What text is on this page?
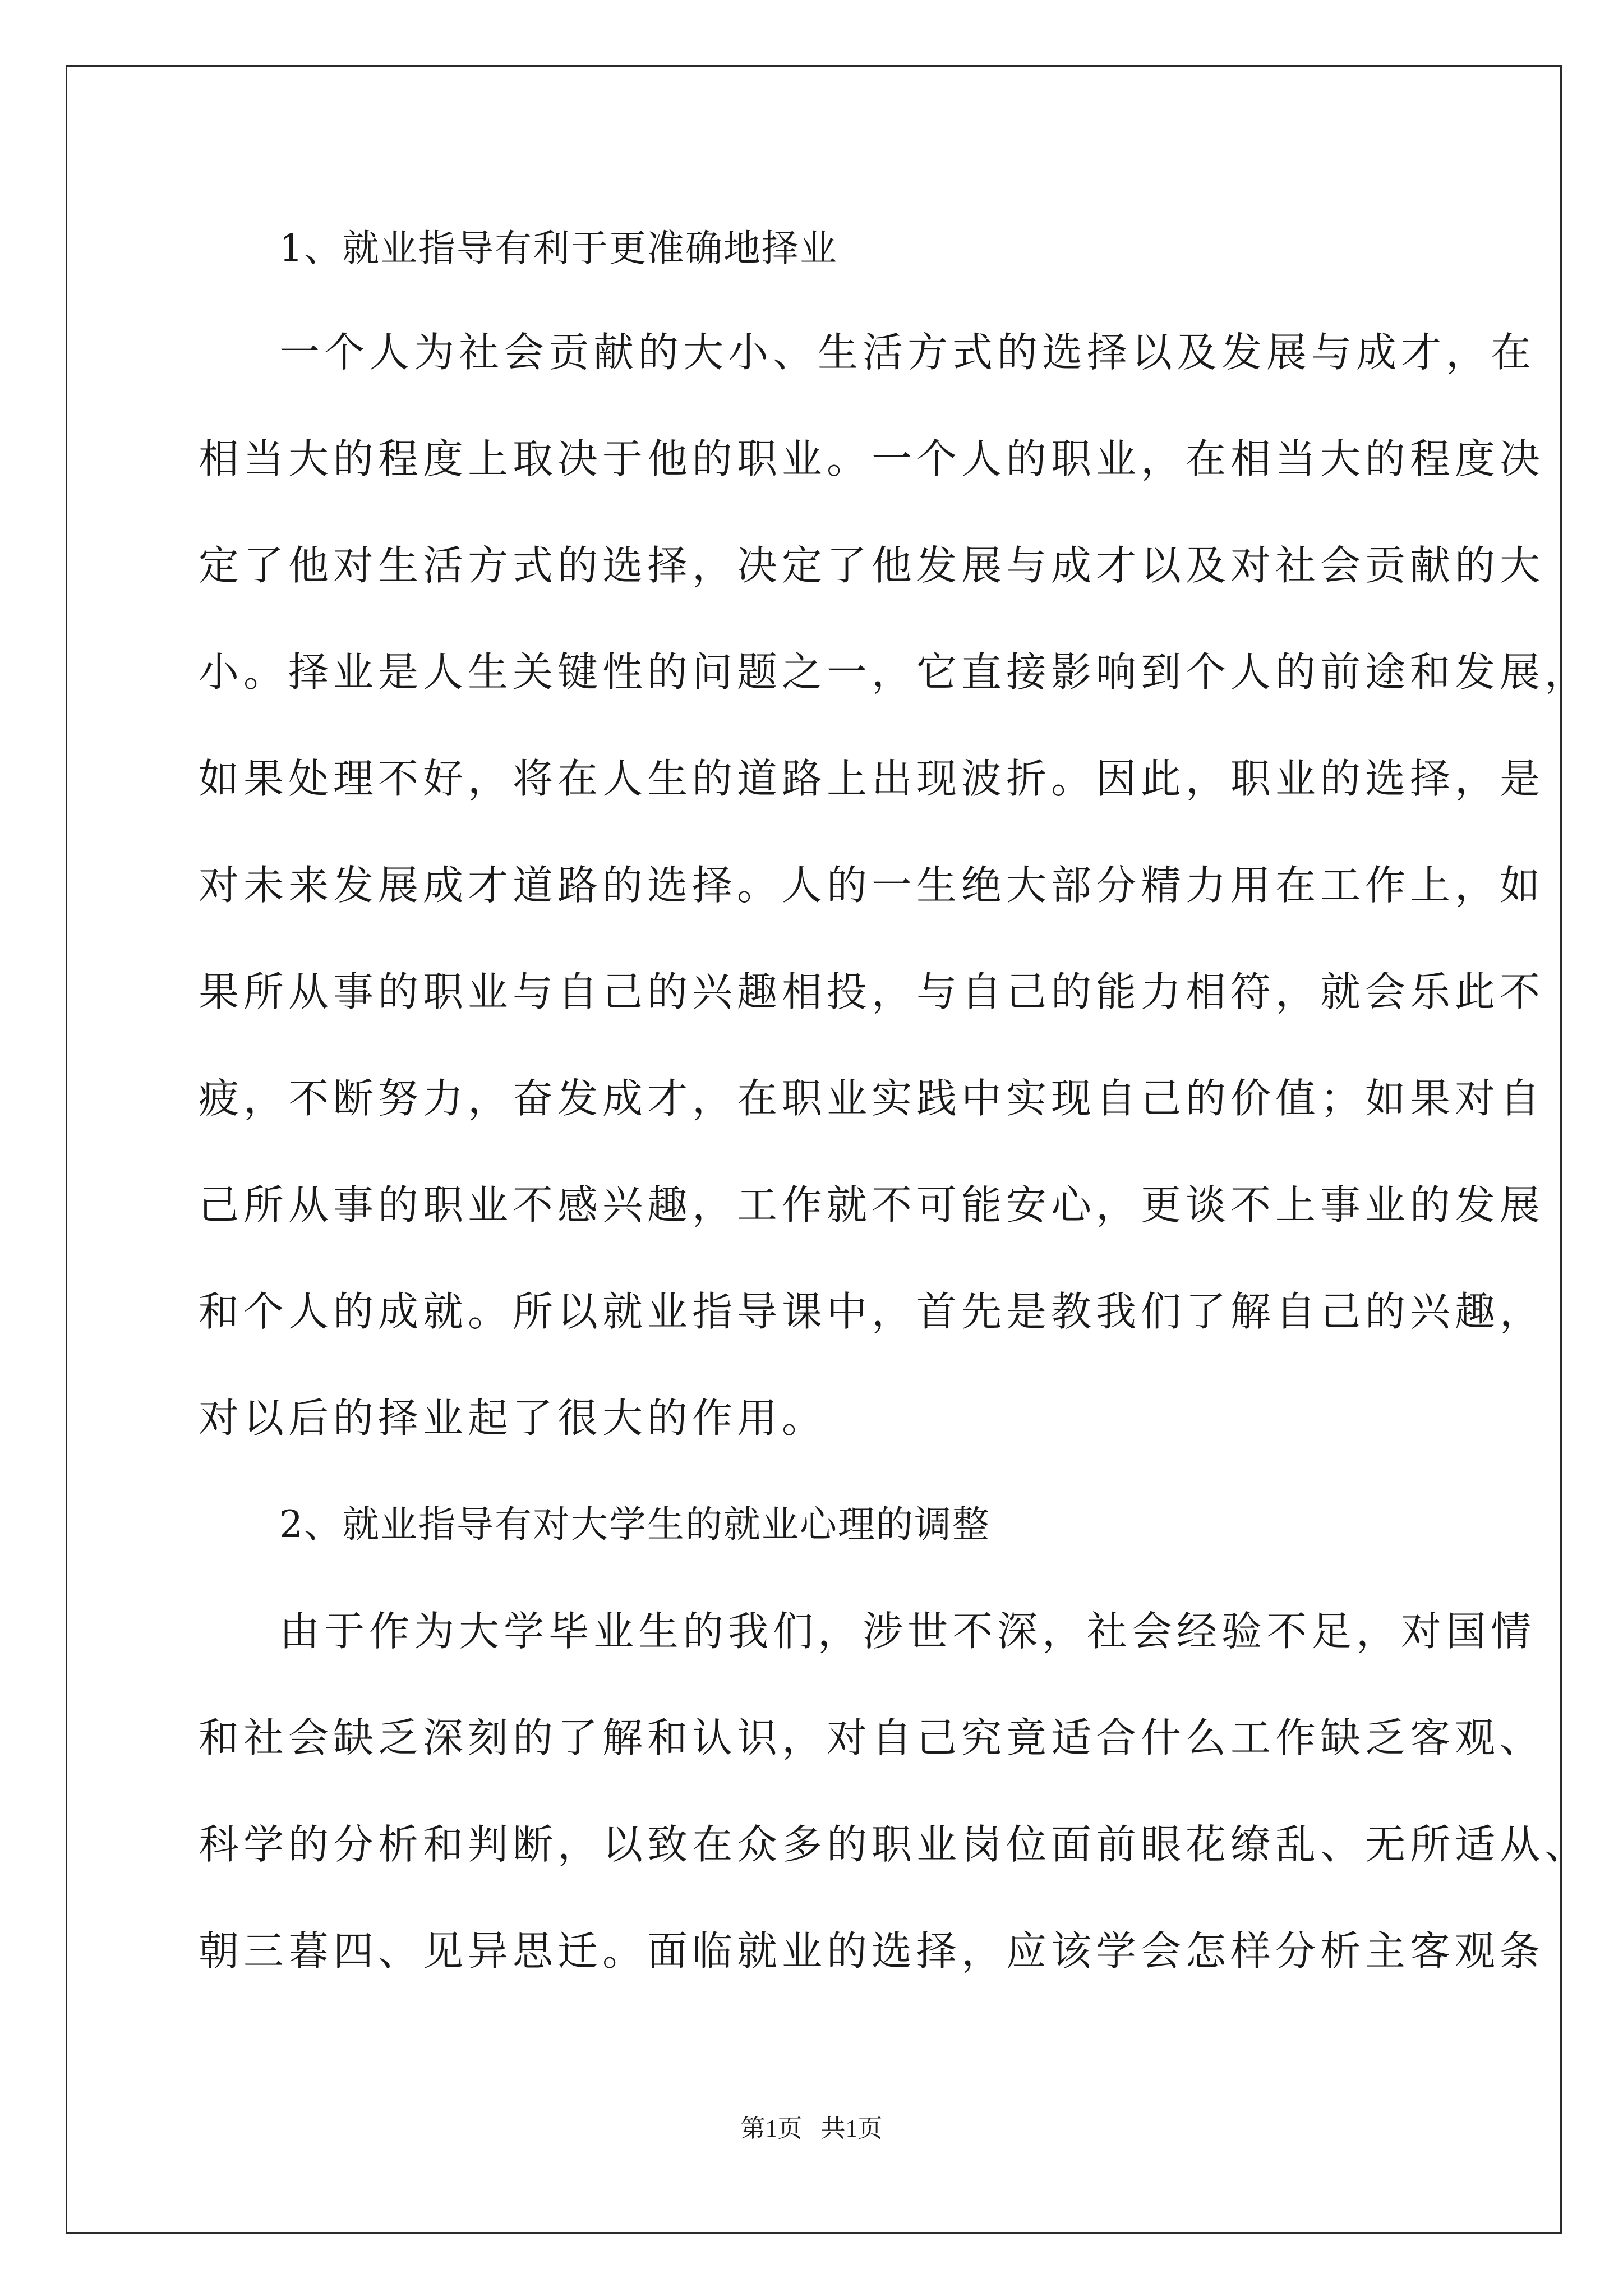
1、就业指导有利于更准确地择业

一个人为社会贡献的大小、生活方式的选择以及发展与成才，在

相当大的程度上取决于他的职业。一个人的职业，在相当大的程度决

定了他对生活方式的选择，决定了他发展与成才以及对社会贡献的大

小。择业是人生关键性的问题之一，它直接影响到个人的前途和发展，

如果处理不好，将在人生的道路上出现波折。因此，职业的选择，是

对未来发展成才道路的选择。人的一生绝大部分精力用在工作上，如

果所从事的职业与自己的兴趣相投，与自己的能力相符，就会乐此不

疲，不断努力，奋发成才，在职业实践中实现自己的价值；如果对自

己所从事的职业不感兴趣，工作就不可能安心，更谈不上事业的发展

和个人的成就。所以就业指导课中，首先是教我们了解自己的兴趣，

对以后的择业起了很大的作用。

2、就业指导有对大学生的就业心理的调整

由于作为大学毕业生的我们，涉世不深，社会经验不足，对国情

和社会缺乏深刻的了解和认识，对自己究竟适合什么工作缺乏客观、

科学的分析和判断，以致在众多的职业岗位面前眼花缭乱、无所适从、

朝三暮四、见异思迁。面临就业的选择，应该学会怎样分析主客观条

第1页   共1页
